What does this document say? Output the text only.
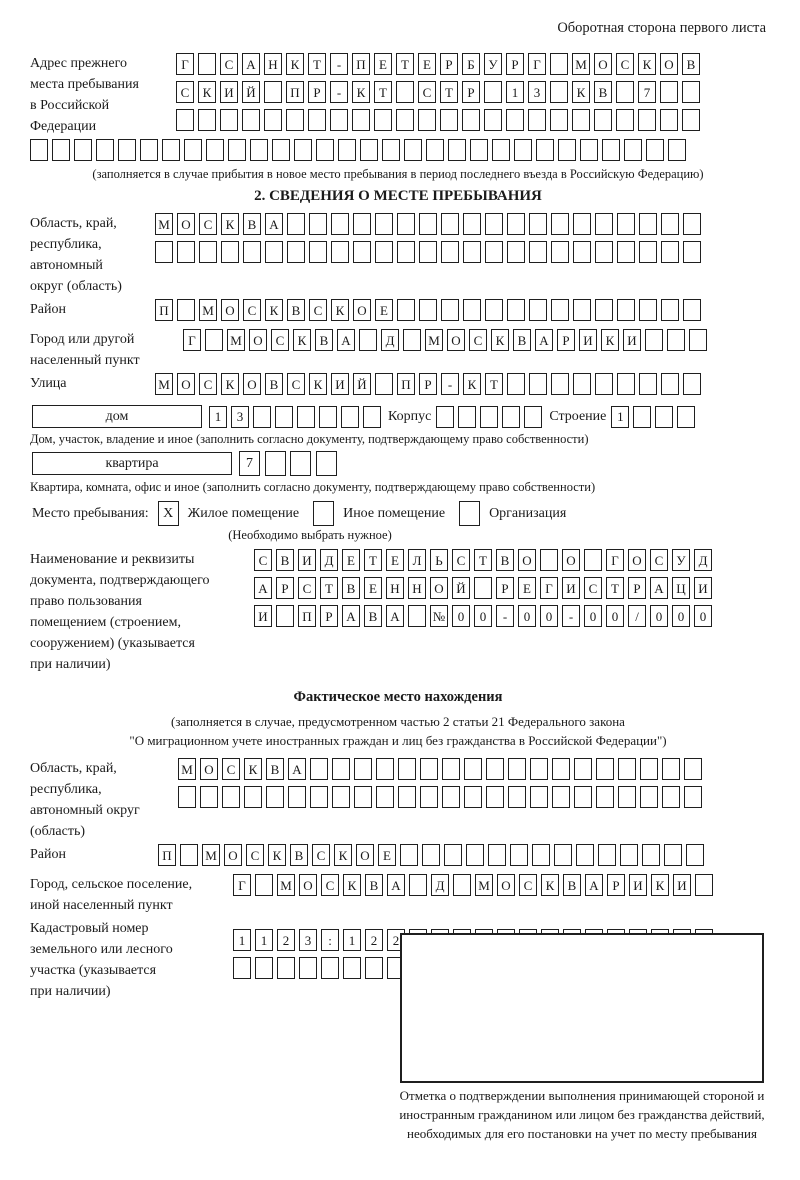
Оборотная сторона первого листа
Адрес прежнего
места пребывания
в Российской
Федерации
Г	С А Н К	Т	-	П	Е	Т	Е	Р	Б	У	Р	Г	М О С	К О В
С	К И Й	П	Р	-	К	Т	С	Т	Р	1	3	К	В	7
(заполняется в случае прибытия в новое место пребывания в период последнего въезда в Российскую Федерацию)
2. СВЕДЕНИЯ О МЕСТЕ ПРЕБЫВАНИЯ
Область, край,
республика,
автономный
округ (область)
М О С	К	В А
Район	П	М О С	К	В	С	К О	Е
Город или другой
населенный пункт
Г	М О С	К	В А	Д	М О С	К	В А	Р	И К И
Улица	М О С	К О В	С	К И Й	П	Р	-	К	Т
дом	1	3	Корпус	Строение 1
Дом, участок, владение и иное (заполнить согласно документу, подтверждающему право собственности)
квартира	7
Квартира, комната, офис и иное (заполнить согласно документу, подтверждающему право собственности)
Место пребывания:	X	Жилое помещение	Иное помещение	Организация
(Необходимо выбрать нужное)
Наименование и реквизиты
документа, подтверждающего
право пользования
помещением (строением,
сооружением) (указывается
при наличии)
С	В И Д	Е	Т	Е	Л	Ь	С	Т	В О	О	Г	О С	У Д
А	Р	С	Т	В	Е	Н Н О Й	Р	Е	Г	И С	Т	Р	А Ц И
И	П	Р	А В А	№ 0	0	-	0	0	-	0	0	/	0	0	0
Фактическое место нахождения
(заполняется в случае, предусмотренном частью 2 статьи 21 Федерального закона
"О миграционном учете иностранных граждан и лиц без гражданства в Российской Федерации")
Область, край,
республика,
автономный округ
(область)
М О С	К	В А
Район	П	М О С	К	В	С	К О	Е
Город, сельское поселение,
иной населенный пункт
Г	М О С	К	В А	Д	М О С	К	В А	Р	И К И
Кадастровый номер
земельного или лесного
участка (указывается
при наличии)
1	1	2	3	:	1	2	2
Отметка о подтверждении выполнения принимающей стороной и иностранным гражданином или лицом без гражданства действий, необходимых для его постановки на учет по месту пребывания
